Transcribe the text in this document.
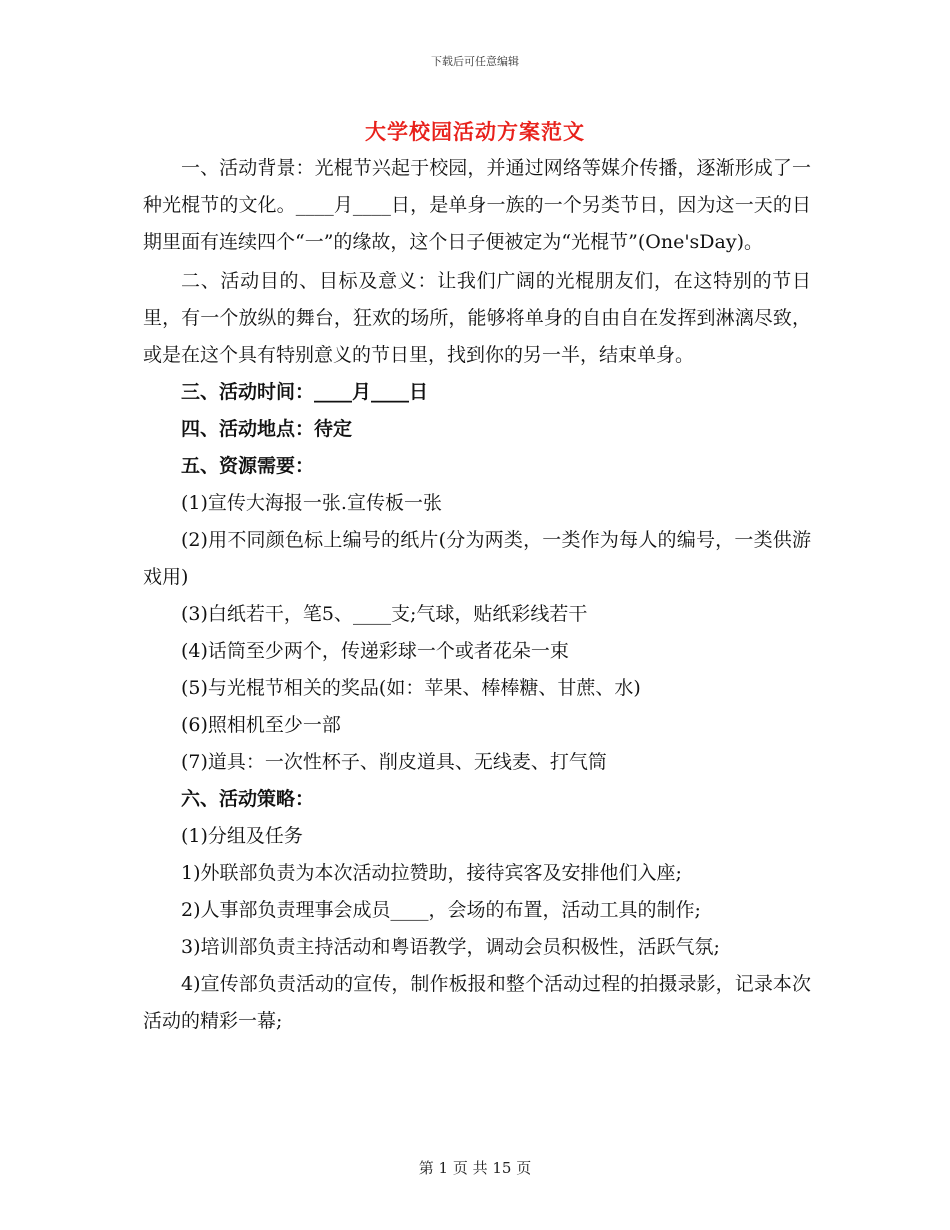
下载后可任意编辑
大学校园活动方案范文

一、活动背景：光棍节兴起于校园，并通过网络等媒介传播，逐渐形成了一种光棍节的文化。____月____日，是单身一族的一个另类节日，因为这一天的日期里面有连续四个“一”的缘故，这个日子便被定为“光棍节”(One'sDay)。

二、活动目的、目标及意义：让我们广阔的光棍朋友们，在这特别的节日里，有一个放纵的舞台，狂欢的场所，能够将单身的自由自在发挥到淋漓尽致，或是在这个具有特别意义的节日里，找到你的另一半，结束单身。

三、活动时间：____月____日

四、活动地点：待定

五、资源需要：

(1)宣传大海报一张.宣传板一张

(2)用不同颜色标上编号的纸片(分为两类，一类作为每人的编号，一类供游戏用)

(3)白纸若干，笔5、____支;气球，贴纸彩线若干

(4)话筒至少两个，传递彩球一个或者花朵一束

(5)与光棍节相关的奖品(如：苹果、棒棒糖、甘蔗、水)

(6)照相机至少一部

(7)道具：一次性杯子、削皮道具、无线麦、打气筒

六、活动策略：

(1)分组及任务

1)外联部负责为本次活动拉赞助，接待宾客及安排他们入座;

2)人事部负责理事会成员____，会场的布置，活动工具的制作;

3)培训部负责主持活动和粤语教学，调动会员积极性，活跃气氛;

4)宣传部负责活动的宣传，制作板报和整个活动过程的拍摄录影，记录本次活动的精彩一幕;

第 1 页 共 15 页
